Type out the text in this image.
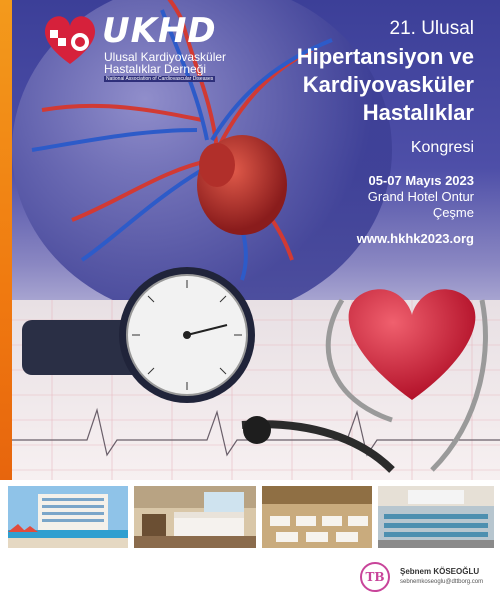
UKHD
Ulusal Kardiyovasküler
Hastalıklar Derneği
National Association of Cardiovascular Diseases
21. Ulusal
Hipertansiyon ve
Kardiyovasküler
Hastalıklar
Kongresi
05-07 Mayıs 2023
Grand Hotel Ontur
Çeşme
www.hkhk2023.org
TB	Şebnem KÖSEOĞLU
sebnemkoseoglu@dttborg.com
